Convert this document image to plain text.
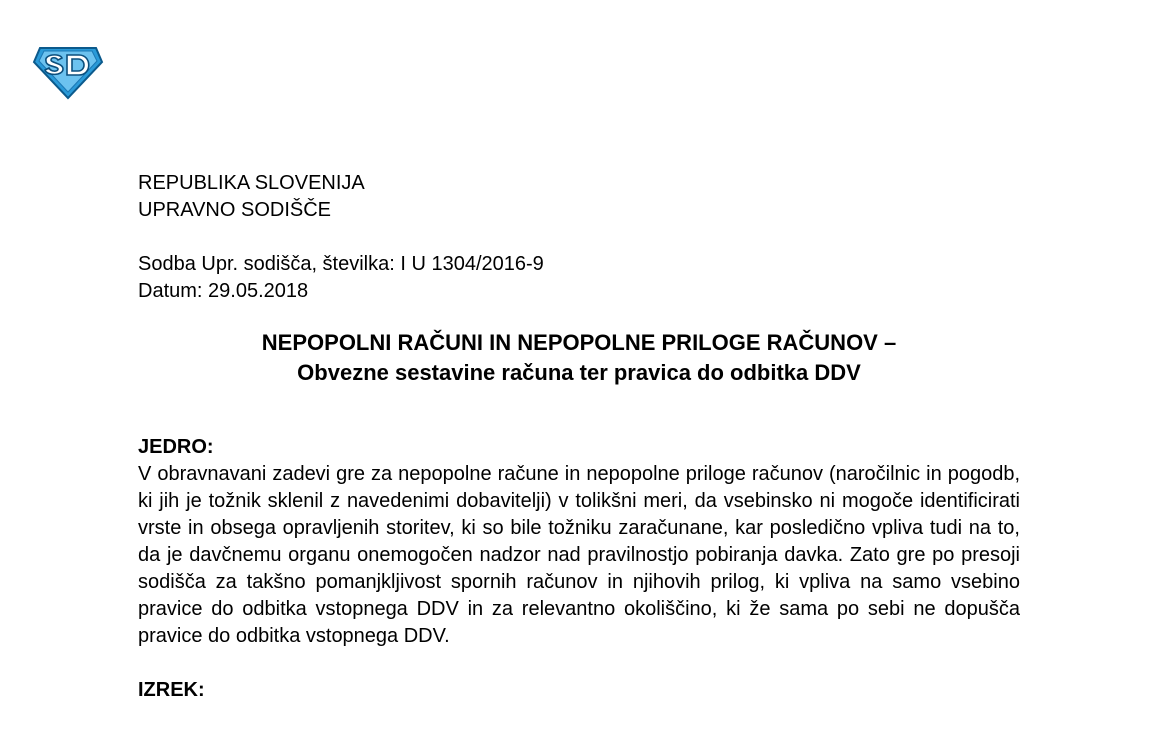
REPUBLIKA SLOVENIJA

UPRAVNO SODIŠČE

Sodba Upr. sodišča, številka: I U 1304/2016-9

Datum: 29.05.2018

NEPOPOLNI RAČUNI IN NEPOPOLNE PRILOGE RAČUNOV –

Obvezne sestavine računa ter pravica do odbitka DDV

JEDRO:

V obravnavani zadevi gre za nepopolne račune in nepopolne priloge računov (naročilnic in pogodb, ki jih je tožnik sklenil z navedenimi dobavitelji) v tolikšni meri, da vsebinsko ni mogoče identificirati vrste in obsega opravljenih storitev, ki so bile tožniku zaračunane, kar posledično vpliva tudi na to, da je davčnemu organu onemogočen nadzor nad pravilnostjo pobiranja davka. Zato gre po presoji sodišča za takšno pomanjkljivost spornih računov in njihovih prilog, ki vpliva na samo vsebino pravice do odbitka vstopnega DDV in za relevantno okoliščino, ki že sama po sebi ne dopušča pravice do odbitka vstopnega DDV.

IZREK:
